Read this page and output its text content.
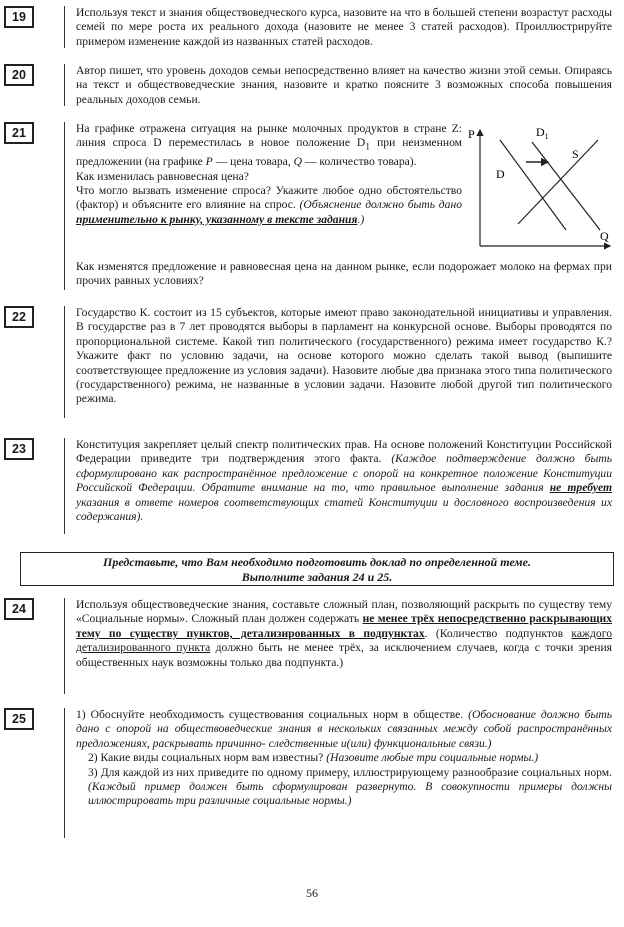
19	Используя текст и знания обществоведческого курса, назовите на что в большей степени возрастут расходы семей по мере роста их реального дохода (назовите не менее 3 статей расходов). Проиллюстрируйте примером изменение каждой из названных статей расходов.

20	Автор пишет, что уровень доходов семьи непосредственно влияет на качество жизни этой семьи. Опираясь на текст и обществоведческие знания, назовите и кратко поясните 3 возможных способа повышения реальных доходов семьи.

21	На графике отражена ситуация на рынке молочных продуктов в стране Z: линия спроса D переместилась в новое положение $D_1$ при неизменном предложении (на графике P — цена товара, Q — количество товара).

Как изменилась равновесная цена?

Что могло вызвать изменение спроса? Укажите любое одно обстоятельство (фактор) и объясните его влияние на спрос. (Объяснение должно быть дано применительно к рынку, указанному в тексте задания.)

Как изменятся предложение и равновесная цена на данном рынке, если подорожает молоко на фермах при прочих равных условиях?

P
Q
D
$D_1$
S
22	Государство К. состоит из 15 субъектов, которые имеют право законодательной инициативы и управления. В государстве раз в 7 лет проводятся выборы в парламент на конкурсной основе. Выборы проводятся по пропорциональной системе. Какой тип политического (государственного) режима имеет государство К.? Укажите факт по условию задачи, на основе которого можно сделать такой вывод (выпишите соответствующее предложение из условия задачи). Назовите любые два признака этого типа политического (государственного) режима, не названные в условии задачи. Назовите любой другой тип политического режима.

23	Конституция закрепляет целый спектр политических прав. На основе положений Конституции Российской Федерации приведите три подтверждения этого факта. (Каждое подтверждение должно быть сформулировано как распространённое предложение с опорой на конкретное положение Конституции Российской Федерации. Обратите внимание на то, что правильное выполнение задания не требует указания в ответе номеров соответствующих статей Конституции и дословного воспроизведения их содержания).

Представьте, что Вам необходимо подготовить доклад по определенной теме.
Выполните задания 24 и 25.
24	Используя обществоведческие знания, составьте сложный план, позволяющий раскрыть по существу тему «Социальные нормы». Сложный план должен содержать не менее трёх непосредственно раскрывающих тему по существу пунктов, детализированных в подпунктах. (Количество подпунктов каждого детализированного пункта должно быть не менее трёх, за исключением случаев, когда с точки зрения общественных наук возможны только два подпункта.)

25	1) Обоснуйте необходимость существования социальных норм в обществе. (Обоснование должно быть дано с опорой на обществоведческие знания в нескольких связанных между собой распространённых предложениях, раскрывать причинно- следственные и(или) функциональные связи.)

2) Какие виды социальных норм вам известны? (Назовите любые три социальные нормы.)

3) Для каждой из них приведите по одному примеру, иллюстрирующему разнообразие социальных норм. (Каждый пример должен быть сформулирован развернуто. В совокупности примеры должны иллюстрировать три различные социальные нормы.)

56
